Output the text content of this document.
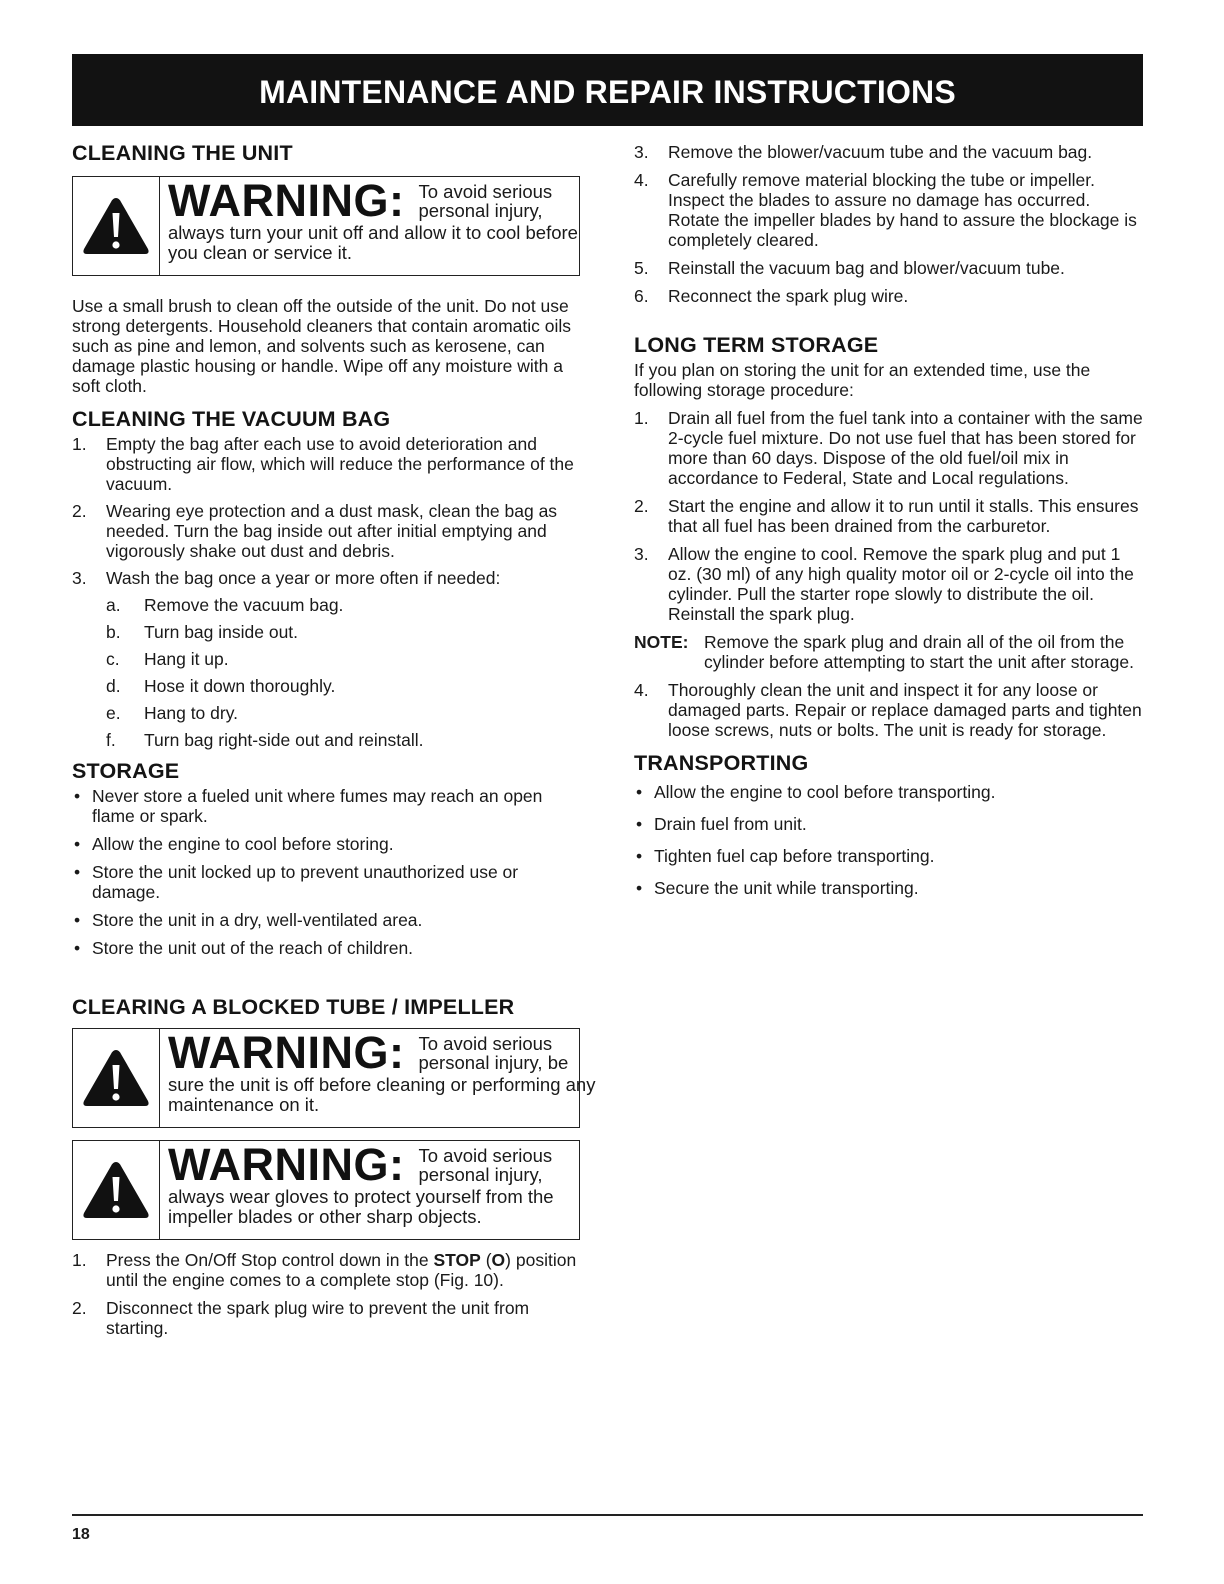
MAINTENANCE AND REPAIR INSTRUCTIONS
CLEANING THE UNIT
WARNING: To avoid serious personal injury,
always turn your unit off and allow it to cool before you clean or service it.

Use a small brush to clean off the outside of the unit. Do not use strong detergents. Household cleaners that contain aromatic oils such as pine and lemon, and solvents such as kerosene, can damage plastic housing or handle. Wipe off any moisture with a soft cloth.

CLEANING THE VACUUM BAG
1. Empty the bag after each use to avoid deterioration and obstructing air flow, which will reduce the performance of the vacuum.
2. Wearing eye protection and a dust mask, clean the bag as needed. Turn the bag inside out after initial emptying and vigorously shake out dust and debris.
3. Wash the bag once a year or more often if needed:
a. Remove the vacuum bag.
b. Turn bag inside out.
c. Hang it up.
d. Hose it down thoroughly.
e. Hang to dry.
f. Turn bag right-side out and reinstall.
STORAGE
• Never store a fueled unit where fumes may reach an open flame or spark.
• Allow the engine to cool before storing.
• Store the unit locked up to prevent unauthorized use or damage.
• Store the unit in a dry, well-ventilated area.
• Store the unit out of the reach of children.
CLEARING A BLOCKED TUBE / IMPELLER
WARNING: To avoid serious personal injury, be
sure the unit is off before cleaning or performing any maintenance on it.
WARNING: To avoid serious personal injury,
always wear gloves to protect yourself from the impeller blades or other sharp objects.
1. Press the On/Off Stop control down in the STOP (O) position until the engine comes to a complete stop (Fig. 10).
2. Disconnect the spark plug wire to prevent the unit from starting.
3. Remove the blower/vacuum tube and the vacuum bag.
4. Carefully remove material blocking the tube or impeller. Inspect the blades to assure no damage has occurred. Rotate the impeller blades by hand to assure the blockage is completely cleared.
5. Reinstall the vacuum bag and blower/vacuum tube.
6. Reconnect the spark plug wire.
LONG TERM STORAGE

If you plan on storing the unit for an extended time, use the following storage procedure:

1. Drain all fuel from the fuel tank into a container with the same 2-cycle fuel mixture. Do not use fuel that has been stored for more than 60 days. Dispose of the old fuel/oil mix in accordance to Federal, State and Local regulations.
2. Start the engine and allow it to run until it stalls. This ensures that all fuel has been drained from the carburetor.
3. Allow the engine to cool. Remove the spark plug and put 1 oz. (30 ml) of any high quality motor oil or 2-cycle oil into the cylinder. Pull the starter rope slowly to distribute the oil. Reinstall the spark plug.
NOTE: Remove the spark plug and drain all of the oil from the cylinder before attempting to start the unit after storage.
4. Thoroughly clean the unit and inspect it for any loose or damaged parts. Repair or replace damaged parts and tighten loose screws, nuts or bolts. The unit is ready for storage.
TRANSPORTING
• Allow the engine to cool before transporting.
• Drain fuel from unit.
• Tighten fuel cap before transporting.
• Secure the unit while transporting.
18
